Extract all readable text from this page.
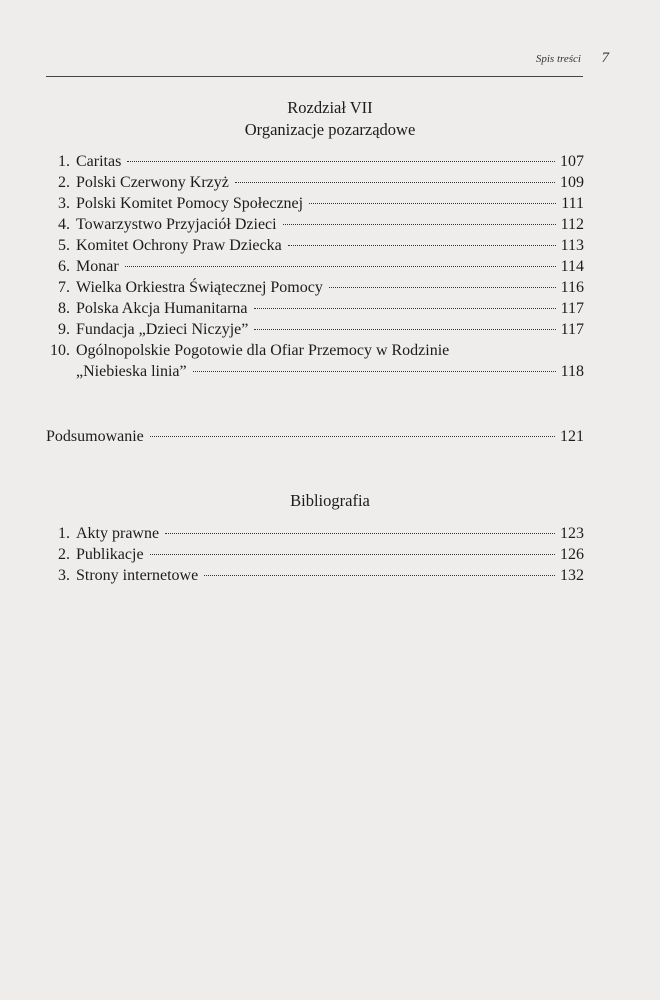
Spis treści 7
Rozdział VII
Organizacje pozarządowe
1. Caritas	107
2. Polski Czerwony Krzyż	109
3. Polski Komitet Pomocy Społecznej	111
4. Towarzystwo Przyjaciół Dzieci	112
5. Komitet Ochrony Praw Dziecka	113
6. Monar	114
7. Wielka Orkiestra Świątecznej Pomocy	116
8. Polska Akcja Humanitarna	117
9. Fundacja „Dzieci Niczyje”	117
10. Ogólnopolskie Pogotowie dla Ofiar Przemocy w Rodzinie
„Niebieska linia”	118
Podsumowanie	121
Bibliografia
1. Akty prawne	123
2. Publikacje	126
3. Strony internetowe	132
